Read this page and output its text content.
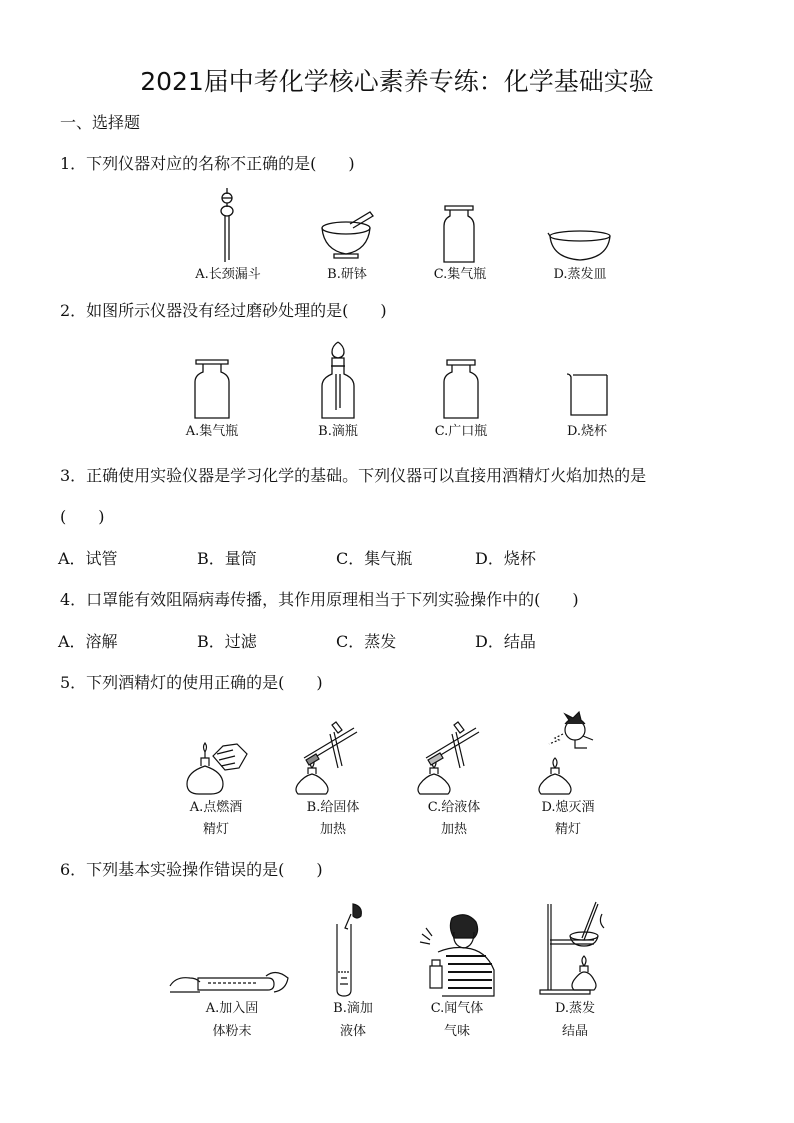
2021届中考化学核心素养专练：化学基础实验
一、选择题
1．下列仪器对应的名称不正确的是(　　)
A.长颈漏斗	B.研钵	C.集气瓶	D.蒸发皿
2．如图所示仪器没有经过磨砂处理的是(　　)
A.集气瓶	B.滴瓶	C.广口瓶	D.烧杯
3．正确使用实验仪器是学习化学的基础。下列仪器可以直接用酒精灯火焰加热的是
(　　)
A．试管	B．量筒	C．集气瓶	D．烧杯
4．口罩能有效阻隔病毒传播，其作用原理相当于下列实验操作中的(　　)
A．溶解	B．过滤	C．蒸发	D．结晶
5．下列酒精灯的使用正确的是(　　)
A.点燃酒
精灯
B.给固体
加热
C.给液体
加热
D.熄灭酒
精灯
6．下列基本实验操作错误的是(　　)
A.加入固
体粉末
B.滴加
液体
C.闻气体
气味
D.蒸发
结晶
